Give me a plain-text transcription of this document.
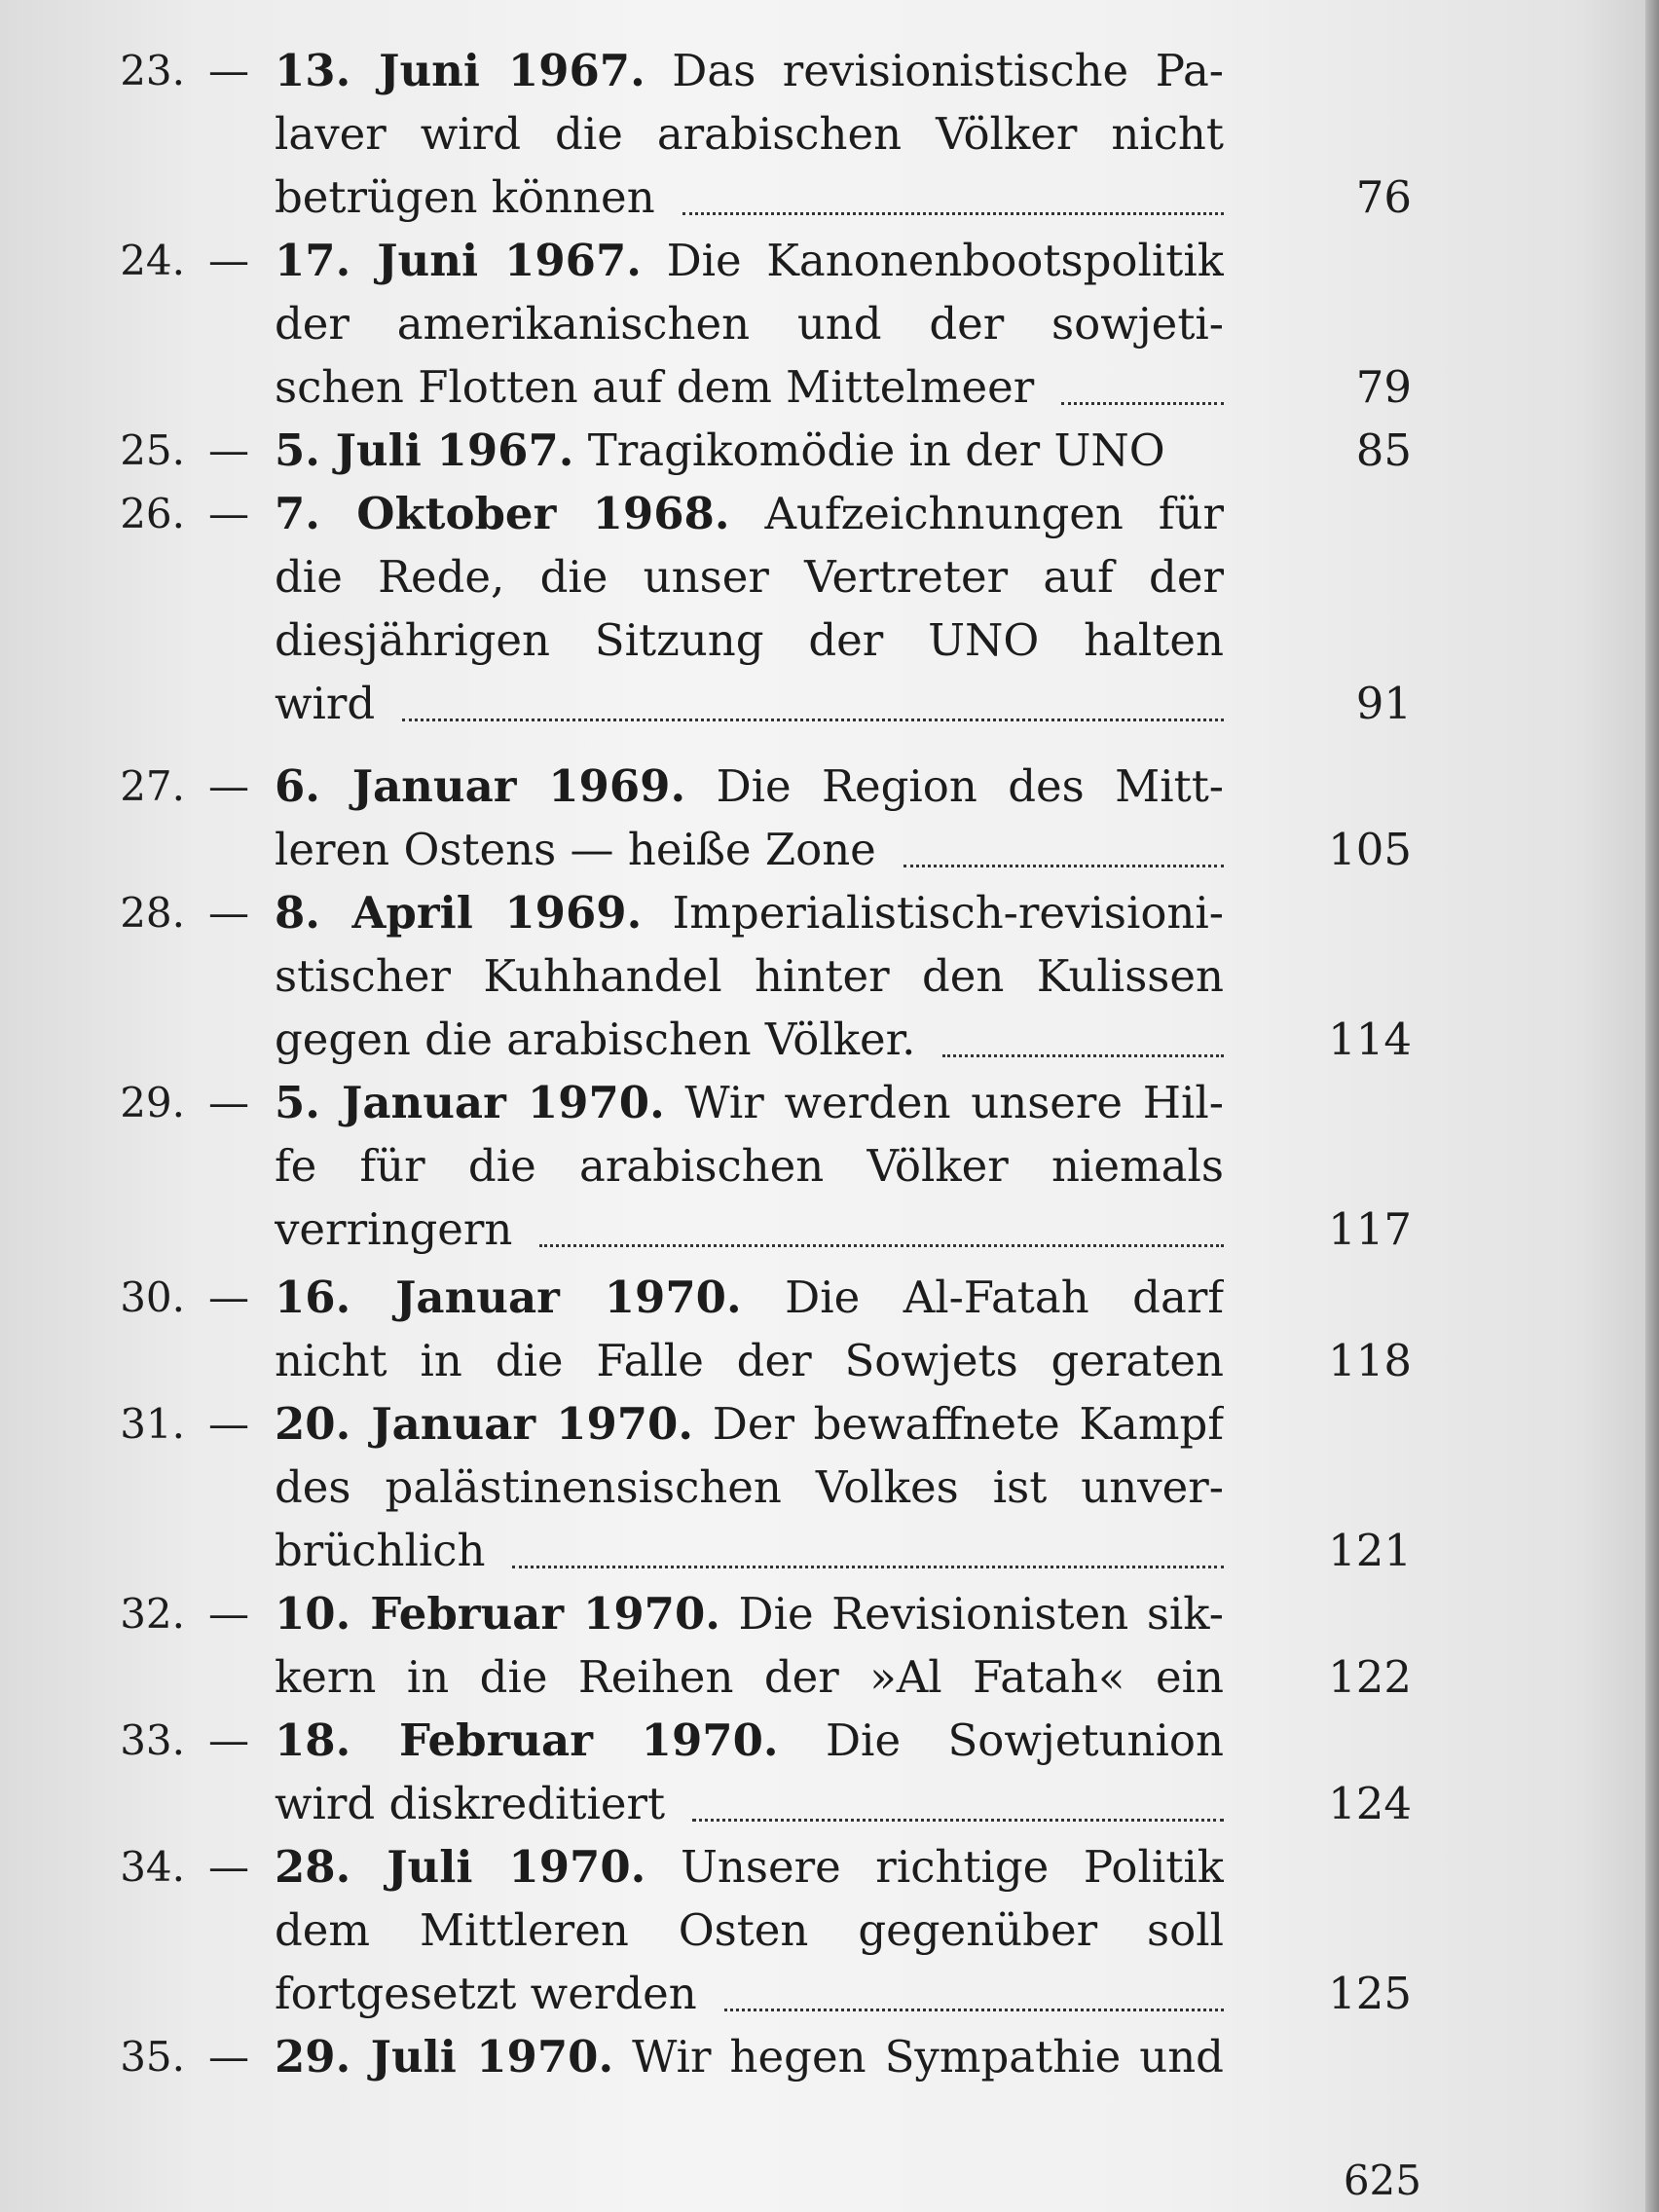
23. — 13. Juni 1967. Das revisionistische Pa-

laver wird die arabischen Völker nicht

betrügen können	76
24. — 17. Juni 1967. Die Kanonenbootspolitik

der amerikanischen und der sowjeti-

schen Flotten auf dem Mittelmeer	79
25. — 5. Juli 1967. Tragikomödie in der UNO	85
26. — 7. Oktober 1968. Aufzeichnungen für

die Rede, die unser Vertreter auf der

diesjährigen Sitzung der UNO halten

wird	91
27. — 6. Januar 1969. Die Region des Mitt-

leren Ostens — heiße Zone	105
28. — 8. April 1969. Imperialistisch-revisioni-

stischer Kuhhandel hinter den Kulissen

gegen die arabischen Völker.	114
29. — 5. Januar 1970. Wir werden unsere Hil-

fe für die arabischen Völker niemals

verringern	117
30. — 16. Januar 1970. Die Al-Fatah darf

nicht in die Falle der Sowjets geraten	118
31. — 20. Januar 1970. Der bewaffnete Kampf

des palästinensischen Volkes ist unver-

brüchlich	121
32. — 10. Februar 1970. Die Revisionisten sik-

kern in die Reihen der »Al Fatah« ein	122
33. — 18. Februar 1970. Die Sowjetunion

wird diskreditiert	124
34. — 28. Juli 1970. Unsere richtige Politik

dem Mittleren Osten gegenüber soll

fortgesetzt werden	125
35. — 29. Juli 1970. Wir hegen Sympathie und

625
